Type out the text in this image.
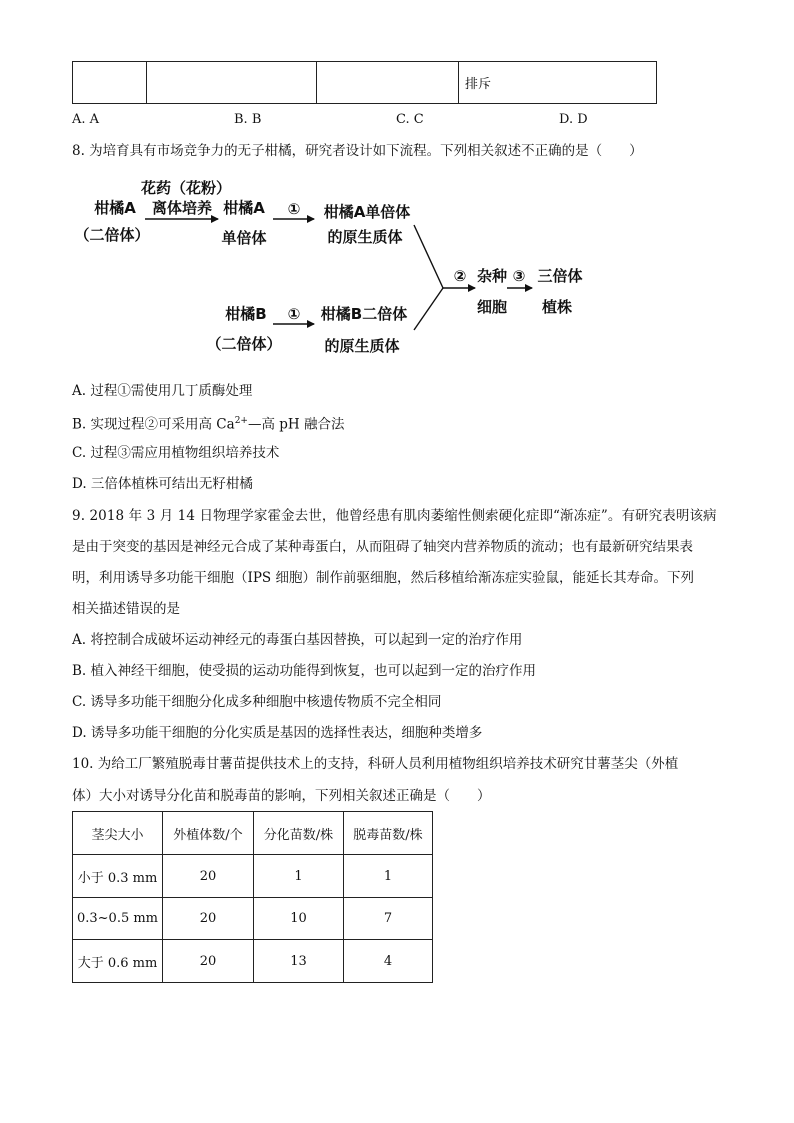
			排斥
A. A	B. B	C. C	D. D
8. 为培育具有市场竞争力的无子柑橘，研究者设计如下流程。下列相关叙述不正确的是（　　）
花药（花粉）
柑橘A 离体培养 柑橘A ① 柑橘A单倍体
（二倍体）	单倍体	的原生质体
② 杂种 ③ 三倍体
细胞 植株
柑橘B ① 柑橘B二倍体
（二倍体）	的原生质体
A. 过程①需使用几丁质酶处理
B. 实现过程②可采用高 $Ca^{2+}—$高 pH 融合法
C. 过程③需应用植物组织培养技术
D. 三倍体植株可结出无籽柑橘
9. 2018 年 3 月 14 日物理学家霍金去世，他曾经患有肌肉萎缩性侧索硬化症即“渐冻症”。有研究表明该病
是由于突变的基因是神经元合成了某种毒蛋白，从而阻碍了轴突内营养物质的流动；也有最新研究结果表
明，利用诱导多功能干细胞（IPS 细胞）制作前驱细胞，然后移植给渐冻症实验鼠，能延长其寿命。下列
相关描述错误的是
A. 将控制合成破坏运动神经元的毒蛋白基因替换，可以起到一定的治疗作用
B. 植入神经干细胞，使受损的运动功能得到恢复，也可以起到一定的治疗作用
C. 诱导多功能干细胞分化成多种细胞中核遗传物质不完全相同
D. 诱导多功能干细胞的分化实质是基因的选择性表达，细胞种类增多
10. 为给工厂繁殖脱毒甘薯苗提供技术上的支持，科研人员利用植物组织培养技术研究甘薯茎尖（外植
体）大小对诱导分化苗和脱毒苗的影响，下列相关叙述正确是（　　）
茎尖大小	外植体数/个	分化苗数/株	脱毒苗数/株
小于 0.3 mm	20	1	1
0.3~0.5 mm	20	10	7
大于 0.6 mm	20	13	4
